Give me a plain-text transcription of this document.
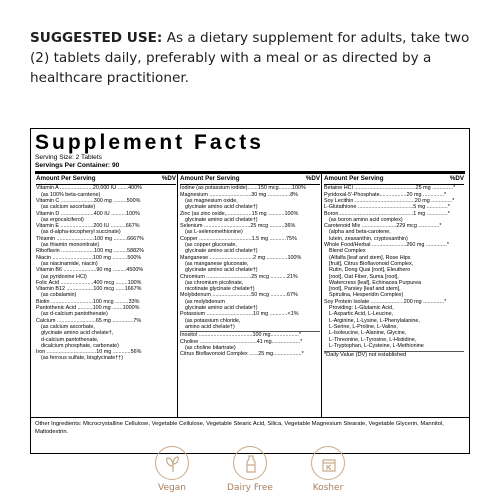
SUGGESTED USE: As a dietary supplement for adults, take two (2) tablets daily, preferably with a meal or as directed by a healthcare practitioner.
Supplement Facts
Serving Size: 2 Tablets
Servings Per Container: 90
Amount Per Serving	%DV
Vitamin A ......................20,000 IU .......400%
(as 100% beta-carotene)
Vitamin C ......................300 mg .........500%
(as calcium ascorbate)
Vitamin D ......................400 IU ..........100%
(as ergocalciferol)
Vitamin E ......................200 IU ..........667%
(as d-alpha-tocopheryl succinate)
Thiamin .........................100 mg .........6667%
(as thiamin mononitrate)
Riboflavin ......................100 mg .........5882%
Niacin ...........................100 mg ..........500%
(as niacinamide, niacin)
Vitamin B6 ......................90 mg .........4500%
(as pyridoxine HCl)
Folic Acid ......................400 mcg ........100%
Vitamin B12 ..................100 mcg ......1667%
(as cobalamin)
Biotin ............................100 mcg .........33%
Pantothenic Acid ..........100 mg .......1000%
(as d-calcium pantothenate)
Calcium ..........................65 mg ..............7%
(as calcium ascorbate,
glycinate amino acid chelate†,
d-calcium pantothenate,
dicalcium phosphate, carbonate)
Iron .................................10 mg ............56%
(as ferrous sulfate, bisglycinate††)
Amount Per Serving	%DV
Iodine (as potassium iodide).......150 mcg.........100%
Magnesium ............................30 mg ...............8%
(as magnesium oxide,
glycinate amino acid chelate†)
Zinc (as zinc oxide,.................15 mg ...........100%
glycinate amino acid chelate†)
Selenium ...............................25 mcg ..........36%
(as L-selenomethionine)
Copper ...................................1.5 mg ...........75%
(as copper gluconate,
glycinate amino acid chelate†)
Manganese .............................2 mg ..............100%
(as manganese gluconate,
glycinate amino acid chelate†)
Chromium ..............................25 mcg ...........21%
(as chromium picolinate,
nicotinate glycinate chelate†)
Molybdenum ..........................50 mcg ...........67%
(as molybdenum
glycinate amino acid chelate†)
Potassium ...............................10 mg ............<1%
(as potassium chloride,
amino acid chelate†)
Inositol ....................................100 mg...................*
Choline ......................................41 mg...................*
(as choline bitartrate)
Citrus Bioflavonoid Complex ......25 mg...................*
Amount Per Serving	%DV
Betaine HCl .........................................25 mg ..............*
Pyridoxal-5'-Phosphate..................20 mg ..............*
Soy Lecithin ........................................20 mg ..............*
L-Glutathione .....................................5 mg ..............*
Boron..................................................1 mg ..............*
(as boron amino acid complex)
Carotenoid Mix .......................229 mcg ..............*
(alpha and beta-carotene,
lutein, zeaxanthin, cryptoxanthin)
Whole Food/Herbal .......................260 mg ..............*
Blend Complex
(Alfalfa [leaf and stem], Rose Hips
[fruit], Citrus Bioflavonoid Complex,
Rutin, Dong Quai [root], Eleuthero
[root], Oat Fiber, Suma [root],
Watercress [leaf], Echinacea Purpurea
[root], Parsley [leaf and stem],
Spirulina, Hesperidin Complex)
Soy Protein Isolate ......................200 mg ..............*
Providing: L-Glutamic Acid,
L-Aspartic Acid, L-Leucine,
L-Arginine, L-Lysine, L-Phenylalanine,
L-Serine, L-Proline, L-Valine,
L-Isoleucine, L-Alanine, Glycine,
L-Threonine, L-Tyrosine, L-Histidine,
L-Tryptophan, L-Cysteine, L-Methionine
*Daily Value (DV) not established
Other Ingredients: Microcrystalline Cellulose, Vegetable Cellulose, Vegetable Stearic Acid, Silica, Vegetable Magnesium Stearate, Vegetable Glycerin, Mannitol, Maltodextrin.
Vegan	Dairy Free	Kosher
